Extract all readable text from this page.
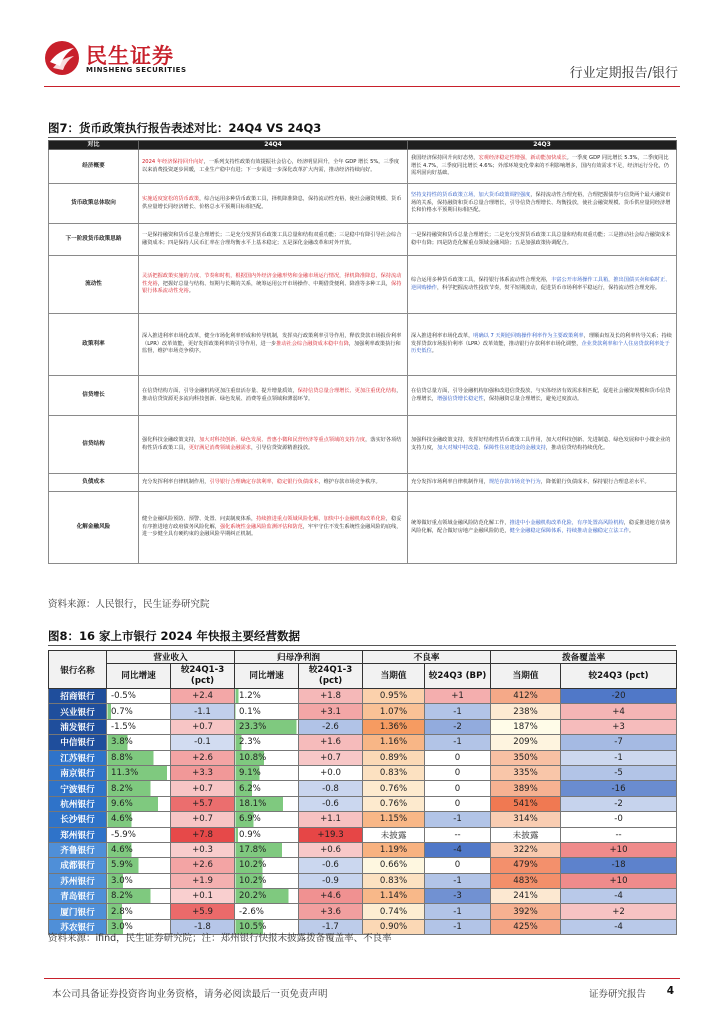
民生证券
MINSHENG SECURITIES	行业定期报告/银行
图7：货币政策执行报告表述对比：24Q4 VS 24Q3
对比	24Q4	24Q3
经济概要	2024 年经济保持回升向好，一系列支持性政策有效提振社会信心，经济明显回升，全年 GDP 增长 5%。三季度以来消费投资逐步回暖，工业生产稳中有进；下一步需进一步深化改革扩大内需，推动经济持续向好。	我国经济保持回升向好态势，宏观经济稳定性增强，新动能加快成长。一季度 GDP 同比增长 5.3%，二季度同比增长 4.7%，三季度同比增长 4.6%；外部环境变化带来的不利影响增多，国内有效需求不足，经济运行分化，仍需巩固向好基础。
货币政策总体取向	实施适度宽松的货币政策，综合运用多种货币政策工具，择机降准降息，保持流动性充裕，使社会融资规模、货币供应量增长同经济增长、价格总水平预期目标相匹配。	坚持支持性的货币政策立场，加大货币政策调控强度，保持流动性合理充裕，合理把握债券与信贷两个最大融资市场的关系，保持融资和货币总量合理增长，引导信贷合理增长、均衡投放，使社会融资规模、货币供应量同经济增长和价格水平预期目标相匹配。
下一阶段货币政策思路	一是保持融资和货币总量合理增长；二是充分发挥货币政策工具总量和结构双重功能；三是稳中有降引导社会综合融资成本；四是保持人民币汇率在合理均衡水平上基本稳定；五是深化金融改革和对外开放。	一是保持融资和货币总量合理增长；二是充分发挥货币政策工具总量和结构双重功能；三是推动社会综合融资成本稳中有降；四是防范化解重点领域金融风险；五是加强政策协调配合。
流动性	灵活把握政策实施的力度、节奏和时机，根据国内外经济金融形势和金融市场运行情况，择机降准降息，保持流动性充裕，把握好总量与结构、短期与长期的关系，统筹运用公开市场操作、中期借贷便利、降准等多种工具，保持银行体系流动性充裕。	综合运用多种货币政策工具，保持银行体系流动性合理充裕，丰富公开市场操作工具箱，推出国债买卖和临时正、逆回购操作，科学把握流动性投放节奏，熨平短期波动，促进货币市场利率平稳运行，保持流动性合理充裕。
政策利率	深入推进利率市场化改革，健全市场化利率形成和传导机制，发挥央行政策利率引导作用，释放贷款市场报价利率（LPR）改革效能，更好发挥政策利率的引导作用，进一步推动社会综合融资成本稳中有降，加强利率政策执行和监督，维护市场竞争秩序。	深入推进利率市场化改革，明确以 7 天期逆回购操作利率作为主要政策利率，理顺由短及长的利率传导关系；持续发挥贷款市场报价利率（LPR）改革效能，推动银行存款利率市场化调整，企业贷款利率和个人住房贷款利率处于历史低位。
信贷增长	在信贷结构方面，引导金融机构更加注重盘活存量、提升增量质效，保持信贷总量合理增长、更加注重优化结构，推动信贷资源更多流向科技创新、绿色发展、消费等重点领域和薄弱环节。	在信贷总量方面，引导金融机构加强和改进信贷投放，与实体经济有效需求相匹配，促进社会融资规模和货币信贷合理增长，增强信贷增长稳定性，保持融资总量合理增长，避免过度波动。
信贷结构	强化科技金融政策支持，加大对科技创新、绿色发展、普惠小微和民营经济等重点领域的支持力度，落实好各项结构性货币政策工具，更好满足消费领域金融需求，引导信贷资源精准投放。	加强科技金融政策支持，发挥好结构性货币政策工具作用，加大对科技创新、先进制造、绿色发展和中小微企业的支持力度，加大对城中村改造、保障性住房建设的金融支持，推动信贷结构持续优化。
负债成本	充分发挥利率自律机制作用，引导银行合理确定存款利率，稳定银行负债成本，维护存款市场竞争秩序。	充分发挥市场利率自律机制作用，规范存款市场竞争行为，降低银行负债成本，保持银行合理息差水平。
化解金融风险	健全金融风险预防、预警、处置、问责制度体系，持续推进重点领域风险化解，加快中小金融机构改革化险，稳妥有序推进地方政府债务风险化解，强化系统性金融风险监测评估和防范，牢牢守住不发生系统性金融风险的底线，进一步健全具有硬约束的金融风险早期纠正机制。	统筹做好重点领域金融风险防范化解工作，推进中小金融机构改革化险，有序处置高风险机构，稳妥推进地方债务风险化解，配合做好房地产金融风险防范，健全金融稳定保障体系，持续推动金融稳定立法工作。
资料来源：人民银行，民生证券研究院
图8：16 家上市银行 2024 年快报主要经营数据
银行名称	营业收入		归母净利润		不良率		拨备覆盖率	
	同比增速	较24Q1-3 (pct)	同比增速	较24Q1-3 (pct)	当期值	较24Q3 (BP)	当期值	较24Q3 (pct)
招商银行	-0.5%	+2.4	1.2%	+1.8	0.95%	+1	412%	-20
兴业银行	0.7%	-1.1	0.1%	+3.1	1.07%	-1	238%	+4
浦发银行	-1.5%	+0.7	23.3%	-2.6	1.36%	-2	187%	+3
中信银行	3.8%	-0.1	2.3%	+1.6	1.16%	-1	209%	-7
江苏银行	8.8%	+2.6	10.8%	+0.7	0.89%	0	350%	-1
南京银行	11.3%	+3.3	9.1%	+0.0	0.83%	0	335%	-5
宁波银行	8.2%	+0.7	6.2%	-0.8	0.76%	0	389%	-16
杭州银行	9.6%	+5.7	18.1%	-0.6	0.76%	0	541%	-2
长沙银行	4.6%	+0.7	6.9%	+1.1	1.15%	-1	314%	-0
郑州银行	-5.9%	+7.8	0.9%	+19.3	未披露	--	未披露	--
齐鲁银行	4.6%	+0.3	17.8%	+0.6	1.19%	-4	322%	+10
成都银行	5.9%	+2.6	10.2%	-0.6	0.66%	0	479%	-18
苏州银行	3.0%	+1.9	10.2%	-0.9	0.83%	-1	483%	+10
青岛银行	8.2%	+0.1	20.2%	+4.6	1.14%	-3	241%	-4
厦门银行	2.8%	+5.9	-2.6%	+3.6	0.74%	-1	392%	+2
苏农银行	3.0%	-1.8	10.5%	-1.7	0.90%	-1	425%	-4
资料来源：ifind，民生证券研究院；注：郑州银行快报未披露拨备覆盖率、不良率
本公司具备证券投资咨询业务资格，请务必阅读最后一页免责声明	证券研究报告 4
